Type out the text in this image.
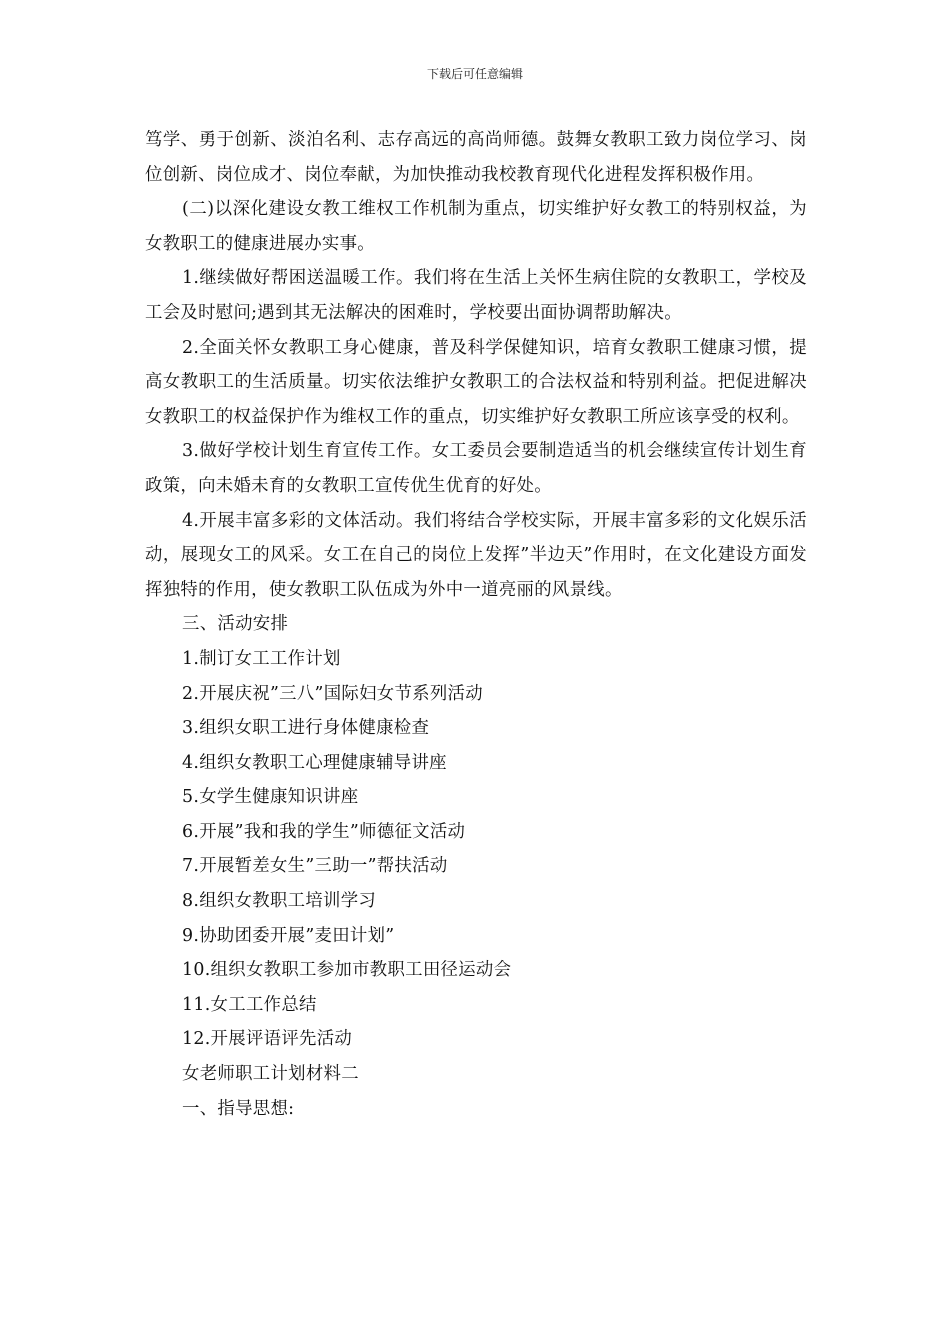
下载后可任意编辑

笃学、勇于创新、淡泊名利、志存高远的高尚师德。鼓舞女教职工致力岗位学习、岗位创新、岗位成才、岗位奉献，为加快推动我校教育现代化进程发挥积极作用。

(二)以深化建设女教工维权工作机制为重点，切实维护好女教工的特别权益，为女教职工的健康进展办实事。

1.继续做好帮困送温暖工作。我们将在生活上关怀生病住院的女教职工，学校及工会及时慰问;遇到其无法解决的困难时，学校要出面协调帮助解决。

2.全面关怀女教职工身心健康，普及科学保健知识，培育女教职工健康习惯，提高女教职工的生活质量。切实依法维护女教职工的合法权益和特别利益。把促进解决女教职工的权益保护作为维权工作的重点，切实维护好女教职工所应该享受的权利。

3.做好学校计划生育宣传工作。女工委员会要制造适当的机会继续宣传计划生育政策，向未婚未育的女教职工宣传优生优育的好处。

4.开展丰富多彩的文体活动。我们将结合学校实际，开展丰富多彩的文化娱乐活动，展现女工的风采。女工在自己的岗位上发挥”半边天”作用时，在文化建设方面发挥独特的作用，使女教职工队伍成为外中一道亮丽的风景线。

三、活动安排

1.制订女工工作计划

2.开展庆祝”三八”国际妇女节系列活动

3.组织女职工进行身体健康检查

4.组织女教职工心理健康辅导讲座

5.女学生健康知识讲座

6.开展”我和我的学生”师德征文活动

7.开展暂差女生”三助一”帮扶活动

8.组织女教职工培训学习

9.协助团委开展”麦田计划”

10.组织女教职工参加市教职工田径运动会

11.女工工作总结

12.开展评语评先活动

女老师职工计划材料二

一、指导思想:
